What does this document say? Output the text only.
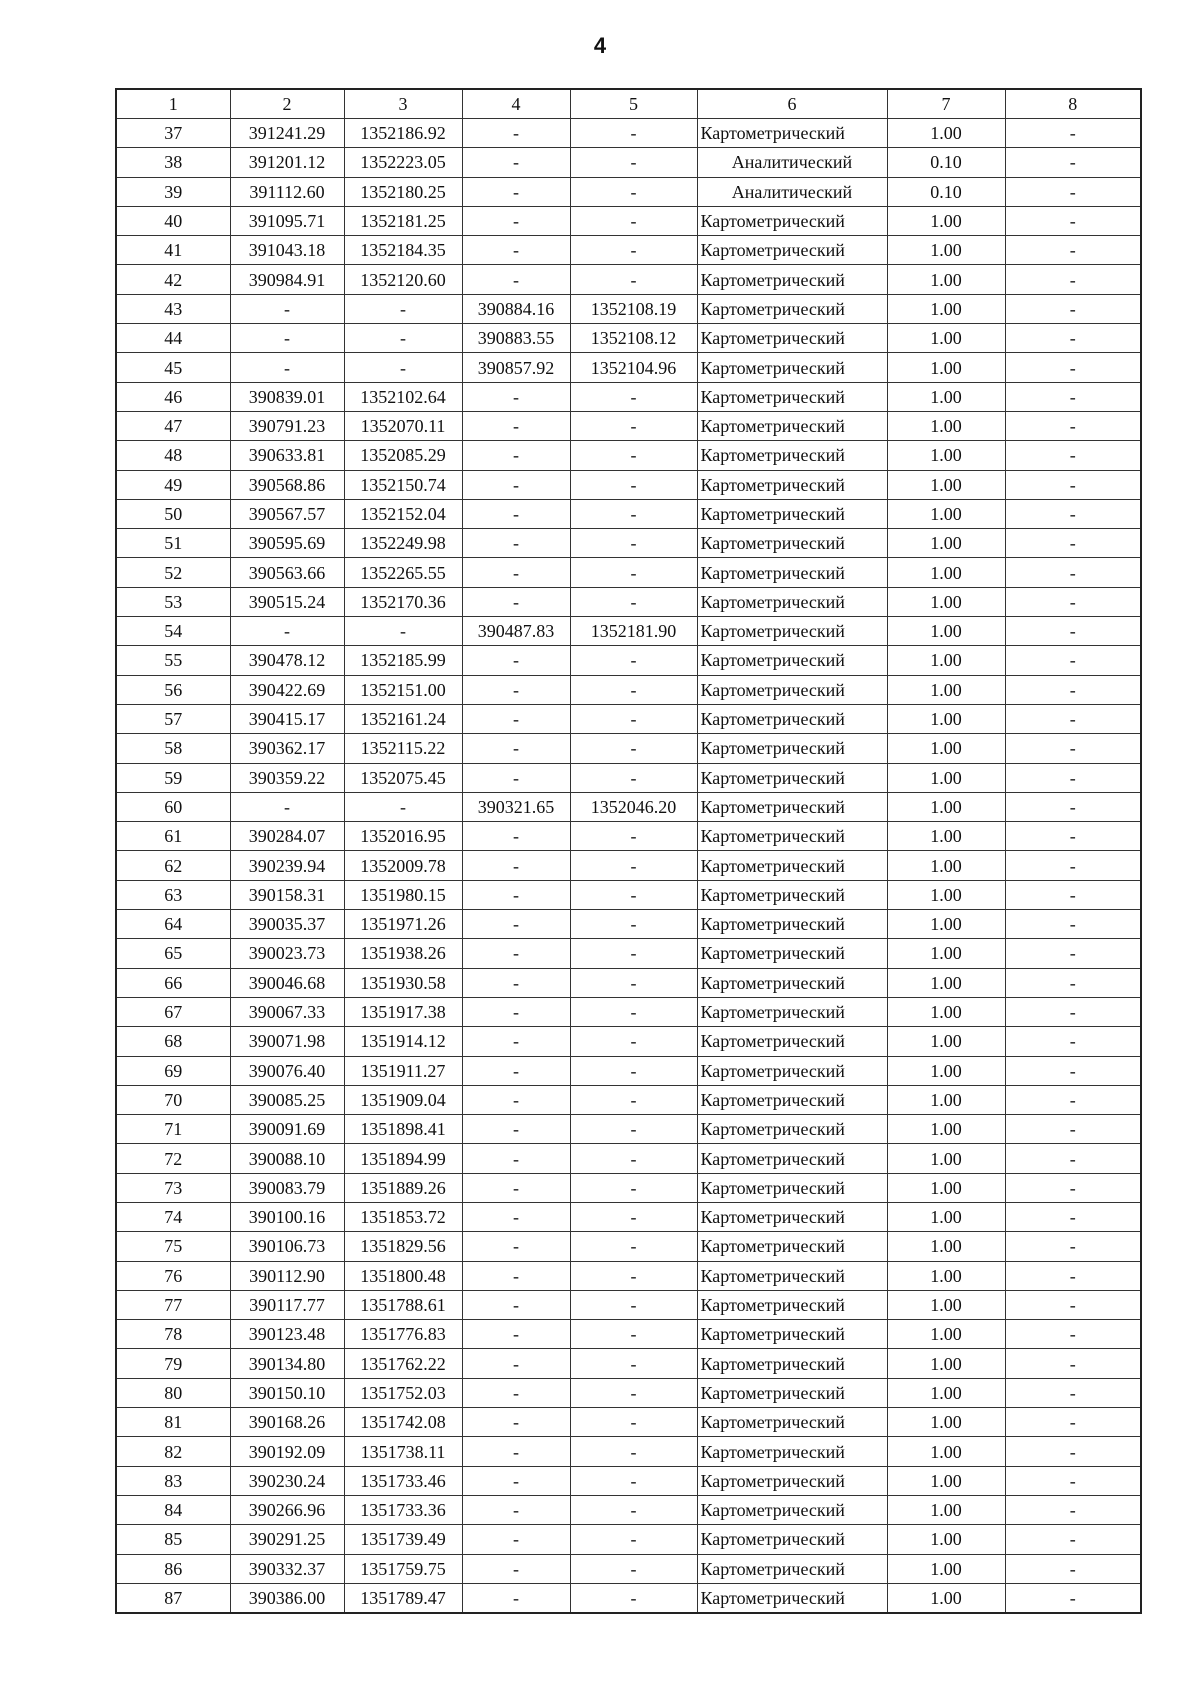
4
1	2	3	4	5	6	7	8
37	391241.29	1352186.92	-	-	Картометрический	1.00	-
38	391201.12	1352223.05	-	-	Аналитический	0.10	-
39	391112.60	1352180.25	-	-	Аналитический	0.10	-
40	391095.71	1352181.25	-	-	Картометрический	1.00	-
41	391043.18	1352184.35	-	-	Картометрический	1.00	-
42	390984.91	1352120.60	-	-	Картометрический	1.00	-
43	-	-	390884.16	1352108.19	Картометрический	1.00	-
44	-	-	390883.55	1352108.12	Картометрический	1.00	-
45	-	-	390857.92	1352104.96	Картометрический	1.00	-
46	390839.01	1352102.64	-	-	Картометрический	1.00	-
47	390791.23	1352070.11	-	-	Картометрический	1.00	-
48	390633.81	1352085.29	-	-	Картометрический	1.00	-
49	390568.86	1352150.74	-	-	Картометрический	1.00	-
50	390567.57	1352152.04	-	-	Картометрический	1.00	-
51	390595.69	1352249.98	-	-	Картометрический	1.00	-
52	390563.66	1352265.55	-	-	Картометрический	1.00	-
53	390515.24	1352170.36	-	-	Картометрический	1.00	-
54	-	-	390487.83	1352181.90	Картометрический	1.00	-
55	390478.12	1352185.99	-	-	Картометрический	1.00	-
56	390422.69	1352151.00	-	-	Картометрический	1.00	-
57	390415.17	1352161.24	-	-	Картометрический	1.00	-
58	390362.17	1352115.22	-	-	Картометрический	1.00	-
59	390359.22	1352075.45	-	-	Картометрический	1.00	-
60	-	-	390321.65	1352046.20	Картометрический	1.00	-
61	390284.07	1352016.95	-	-	Картометрический	1.00	-
62	390239.94	1352009.78	-	-	Картометрический	1.00	-
63	390158.31	1351980.15	-	-	Картометрический	1.00	-
64	390035.37	1351971.26	-	-	Картометрический	1.00	-
65	390023.73	1351938.26	-	-	Картометрический	1.00	-
66	390046.68	1351930.58	-	-	Картометрический	1.00	-
67	390067.33	1351917.38	-	-	Картометрический	1.00	-
68	390071.98	1351914.12	-	-	Картометрический	1.00	-
69	390076.40	1351911.27	-	-	Картометрический	1.00	-
70	390085.25	1351909.04	-	-	Картометрический	1.00	-
71	390091.69	1351898.41	-	-	Картометрический	1.00	-
72	390088.10	1351894.99	-	-	Картометрический	1.00	-
73	390083.79	1351889.26	-	-	Картометрический	1.00	-
74	390100.16	1351853.72	-	-	Картометрический	1.00	-
75	390106.73	1351829.56	-	-	Картометрический	1.00	-
76	390112.90	1351800.48	-	-	Картометрический	1.00	-
77	390117.77	1351788.61	-	-	Картометрический	1.00	-
78	390123.48	1351776.83	-	-	Картометрический	1.00	-
79	390134.80	1351762.22	-	-	Картометрический	1.00	-
80	390150.10	1351752.03	-	-	Картометрический	1.00	-
81	390168.26	1351742.08	-	-	Картометрический	1.00	-
82	390192.09	1351738.11	-	-	Картометрический	1.00	-
83	390230.24	1351733.46	-	-	Картометрический	1.00	-
84	390266.96	1351733.36	-	-	Картометрический	1.00	-
85	390291.25	1351739.49	-	-	Картометрический	1.00	-
86	390332.37	1351759.75	-	-	Картометрический	1.00	-
87	390386.00	1351789.47	-	-	Картометрический	1.00	-
